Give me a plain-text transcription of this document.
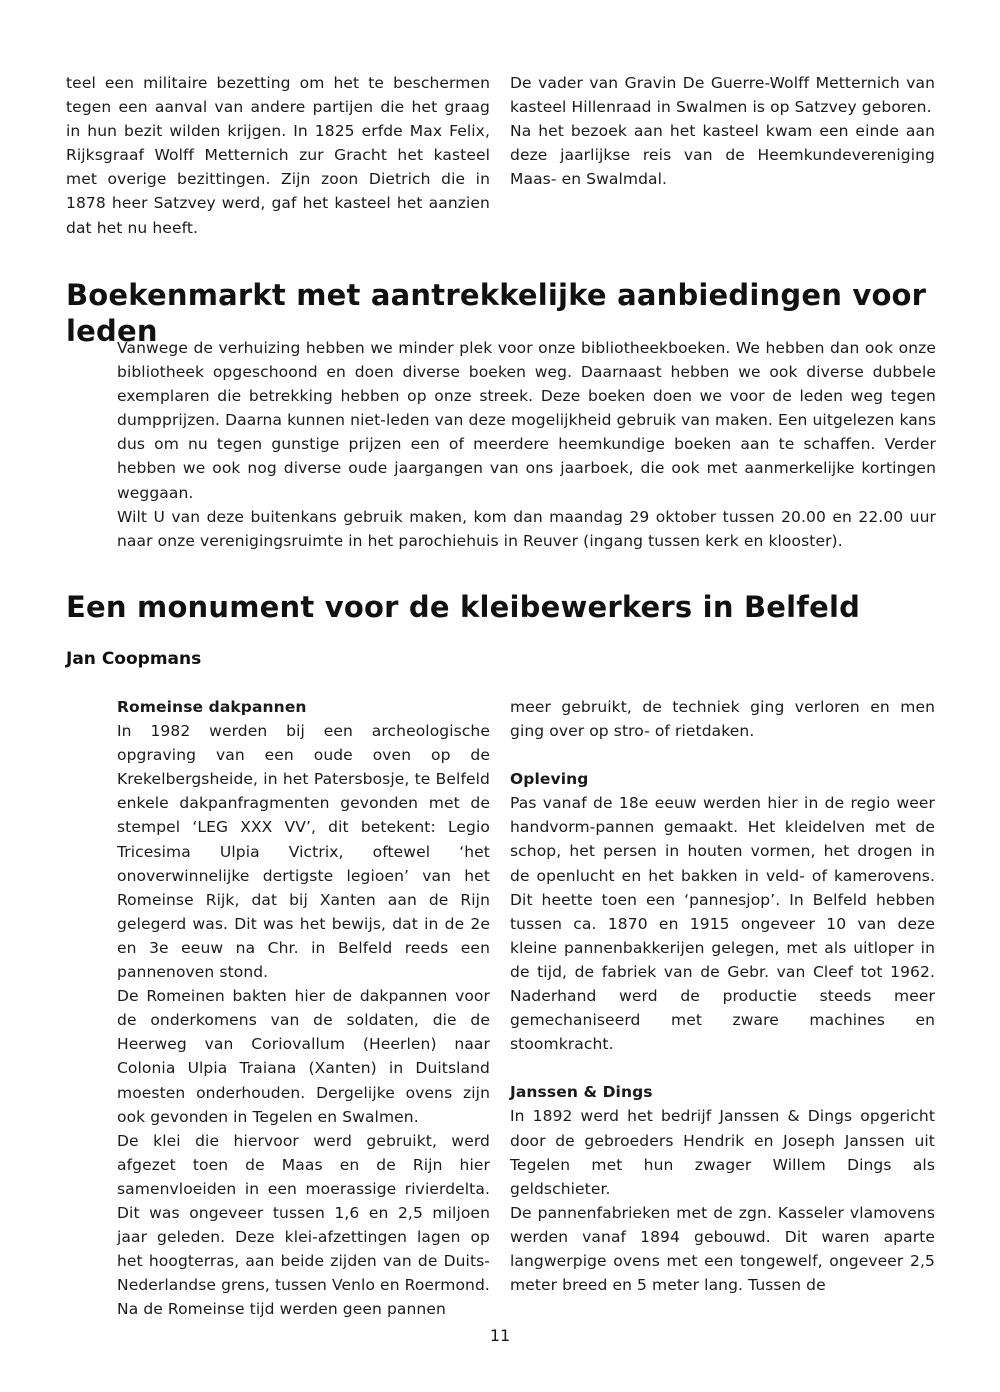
teel een militaire bezetting om het te beschermen tegen een aanval van andere partijen die het graag in hun bezit wilden krijgen. In 1825 erfde Max Felix, Rijksgraaf Wolff Metternich zur Gracht het kasteel met overige bezittingen. Zijn zoon Dietrich die in 1878 heer Satzvey werd, gaf het kasteel het aanzien dat het nu heeft.

De vader van Gravin De Guerre-Wolff Metternich van kasteel Hillenraad in Swalmen is op Satzvey geboren.

Na het bezoek aan het kasteel kwam een einde aan deze jaarlijkse reis van de Heemkundevereniging Maas- en Swalmdal.

Boekenmarkt met aantrekkelijke aanbiedingen voor leden

Vanwege de verhuizing hebben we minder plek voor onze bibliotheekboeken. We hebben dan ook onze bibliotheek opgeschoond en doen diverse boeken weg. Daarnaast hebben we ook diverse dubbele exemplaren die betrekking hebben op onze streek. Deze boeken doen we voor de leden weg tegen dumpprijzen. Daarna kunnen niet-leden van deze mogelijkheid gebruik van maken. Een uitgelezen kans dus om nu tegen gunstige prijzen een of meerdere heemkundige boeken aan te schaffen. Verder hebben we ook nog diverse oude jaargangen van ons jaarboek, die ook met aanmerkelijke kortingen weggaan.

Wilt U van deze buitenkans gebruik maken, kom dan maandag 29 oktober tussen 20.00 en 22.00 uur naar onze verenigingsruimte in het parochiehuis in Reuver (ingang tussen kerk en klooster).

Een monument voor de kleibewerkers in Belfeld
Jan Coopmans

Romeinse dakpannen

In 1982 werden bij een archeologische opgraving van een oude oven op de Krekelbergsheide, in het Patersbosje, te Belfeld enkele dakpanfragmenten gevonden met de stempel ‘LEG XXX VV’, dit betekent: Legio Tricesima Ulpia Victrix, oftewel ‘het onoverwinnelijke dertigste legioen’ van het Romeinse Rijk, dat bij Xanten aan de Rijn gelegerd was. Dit was het bewijs, dat in de 2e en 3e eeuw na Chr. in Belfeld reeds een pannenoven stond.

De Romeinen bakten hier de dakpannen voor de onderkomens van de soldaten, die de Heerweg van Coriovallum (Heerlen) naar Colonia Ulpia Traiana (Xanten) in Duitsland moesten onderhouden. Dergelijke ovens zijn ook gevonden in Tegelen en Swalmen.

De klei die hiervoor werd gebruikt, werd afgezet toen de Maas en de Rijn hier samenvloeiden in een moerassige rivierdelta. Dit was ongeveer tussen 1,6 en 2,5 miljoen jaar geleden. Deze klei-afzettingen lagen op het hoogterras, aan beide zijden van de Duits-Nederlandse grens, tussen Venlo en Roermond.

Na de Romeinse tijd werden geen pannen

meer gebruikt, de techniek ging verloren en men ging over op stro- of rietdaken.

Opleving

Pas vanaf de 18e eeuw werden hier in de regio weer handvorm-pannen gemaakt. Het kleidelven met de schop, het persen in houten vormen, het drogen in de openlucht en het bakken in veld- of kamerovens. Dit heette toen een ‘pannesjop’. In Belfeld hebben tussen ca. 1870 en 1915 ongeveer 10 van deze kleine pannenbakkerijen gelegen, met als uitloper in de tijd, de fabriek van de Gebr. van Cleef tot 1962. Naderhand werd de productie steeds meer gemechaniseerd met zware machines en stoomkracht.

Janssen & Dings

In 1892 werd het bedrijf Janssen & Dings opgericht door de gebroeders Hendrik en Joseph Janssen uit Tegelen met hun zwager Willem Dings als geldschieter.

De pannenfabrieken met de zgn. Kasseler vlamovens werden vanaf 1894 gebouwd. Dit waren aparte langwerpige ovens met een tongewelf, ongeveer 2,5 meter breed en 5 meter lang. Tussen de

11
